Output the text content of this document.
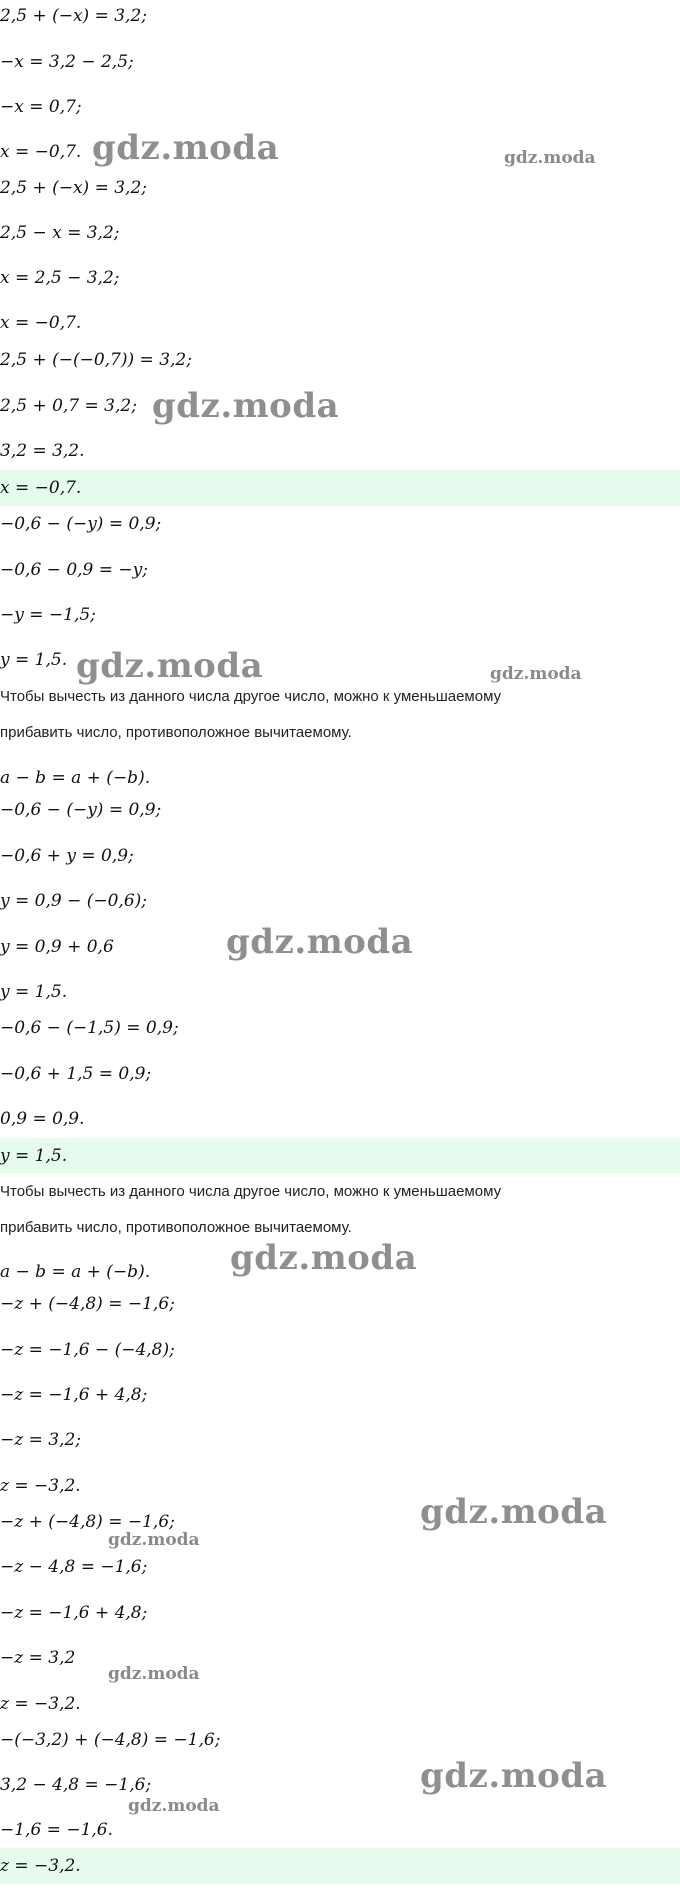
2,5 + (−x) = 3,2;
−x = 3,2 − 2,5;
−x = 0,7;
x = −0,7. gdz.moda	gdz.moda
2,5 + (−x) = 3,2;
2,5 − x = 3,2;
x = 2,5 − 3,2;
x = −0,7.
2,5 + (−(−0,7)) = 3,2;
2,5 + 0,7 = 3,2; gdz.moda
3,2 = 3,2.
x = −0,7.
−0,6 − (−y) = 0,9;
−0,6 − 0,9 = −y;
−y = −1,5;
y = 1,5. gdz.moda	gdz.moda
Чтобы вычесть из данного числа другое число, можно к уменьшаемому
прибавить число, противоположное вычитаемому.
a − b = a + (−b).
−0,6 − (−y) = 0,9;
−0,6 + y = 0,9;
y = 0,9 − (−0,6);
y = 0,9 + 0,6	gdz.moda
y = 1,5.
−0,6 − (−1,5) = 0,9;
−0,6 + 1,5 = 0,9;
0,9 = 0,9.
y = 1,5.
Чтобы вычесть из данного числа другое число, можно к уменьшаемому
прибавить число, противоположное вычитаемому.
gdz.moda
a − b = a + (−b).
−z + (−4,8) = −1,6;
−z = −1,6 − (−4,8);
−z = −1,6 + 4,8;
−z = 3,2;
z = −3,2.
gdz.moda
−z + (−4,8) = −1,6;
gdz.moda
−z − 4,8 = −1,6;
−z = −1,6 + 4,8;
−z = 3,2
gdz.moda
z = −3,2.
−(−3,2) + (−4,8) = −1,6;
3,2 − 4,8 = −1,6;	gdz.moda
gdz.moda
−1,6 = −1,6.
z = −3,2.
